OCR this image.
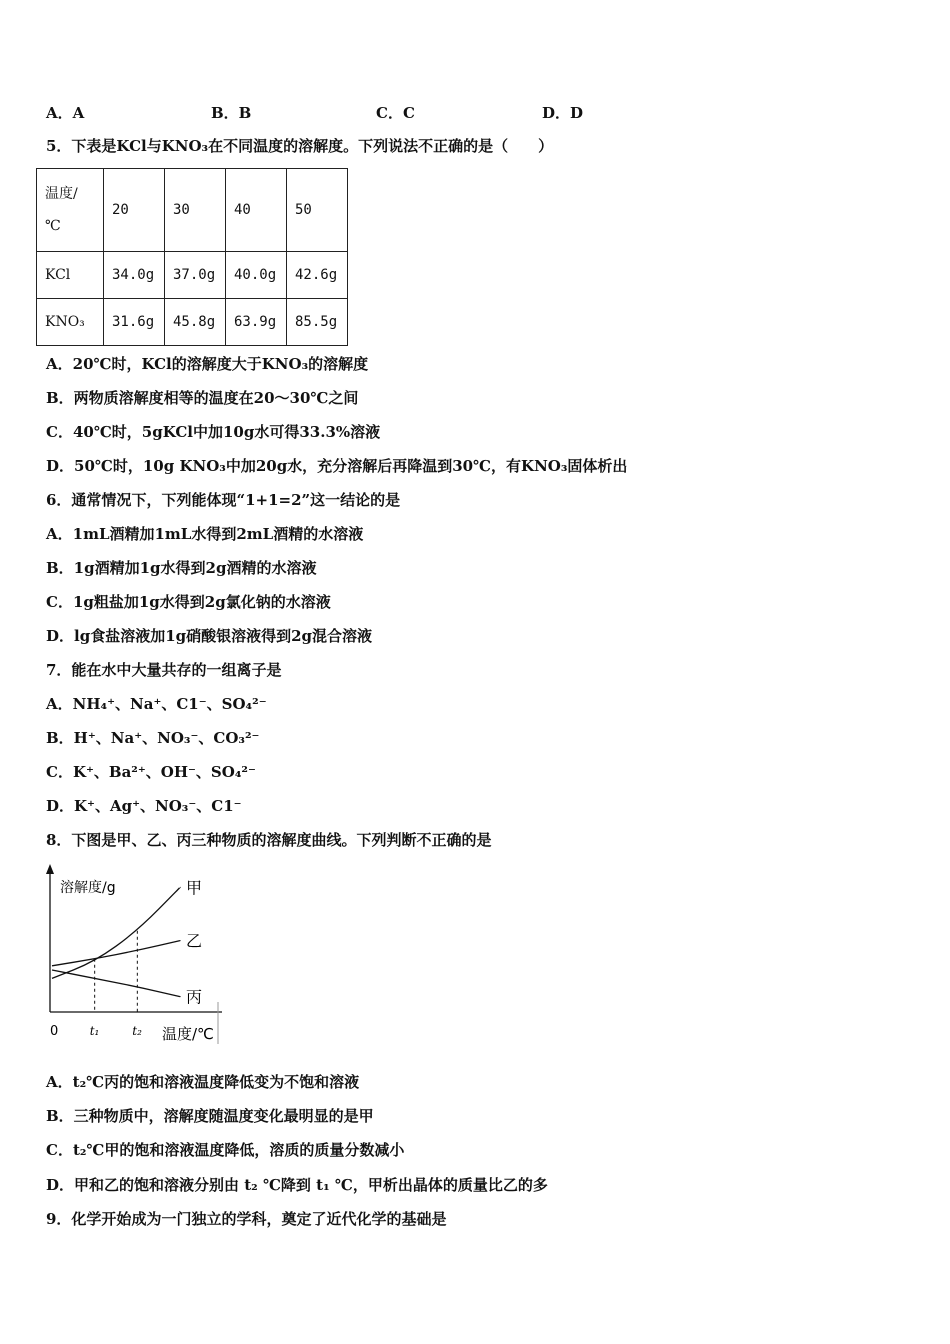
A．A	B．B	C．C	D．D
5．下表是KCl与KNO₃在不同温度的溶解度。下列说法不正确的是（　　）
温度/
℃	20	30	40	50
KCl	34.0g	37.0g	40.0g	42.6g
KNO₃	31.6g	45.8g	63.9g	85.5g
A．20℃时，KCl的溶解度大于KNO₃的溶解度
B．两物质溶解度相等的温度在20～30℃之间
C．40℃时，5gKCl中加10g水可得33.3%溶液
D．50℃时，10g KNO₃中加20g水，充分溶解后再降温到30℃，有KNO₃固体析出
6．通常情况下，下列能体现“1+1=2”这一结论的是
A．1mL酒精加1mL水得到2mL酒精的水溶液
B．1g酒精加1g水得到2g酒精的水溶液
C．1g粗盐加1g水得到2g氯化钠的水溶液
D．lg食盐溶液加1g硝酸银溶液得到2g混合溶液
7．能在水中大量共存的一组离子是
A．NH₄⁺、Na⁺、C1⁻、SO₄²⁻
B．H⁺、Na⁺、NO₃⁻、CO₃²⁻
C．K⁺、Ba²⁺、OH⁻、SO₄²⁻
D．K⁺、Ag⁺、NO₃⁻、C1⁻
8．下图是甲、乙、丙三种物质的溶解度曲线。下列判断不正确的是
溶解度/g
0	t₁	t₂ 温度/℃
甲
乙
丙
A．t₂℃丙的饱和溶液温度降低变为不饱和溶液
B．三种物质中，溶解度随温度变化最明显的是甲
C．t₂℃甲的饱和溶液温度降低，溶质的质量分数减小
D．甲和乙的饱和溶液分别由 t₂ ℃降到 t₁ ℃，甲析出晶体的质量比乙的多
9．化学开始成为一门独立的学科，奠定了近代化学的基础是
